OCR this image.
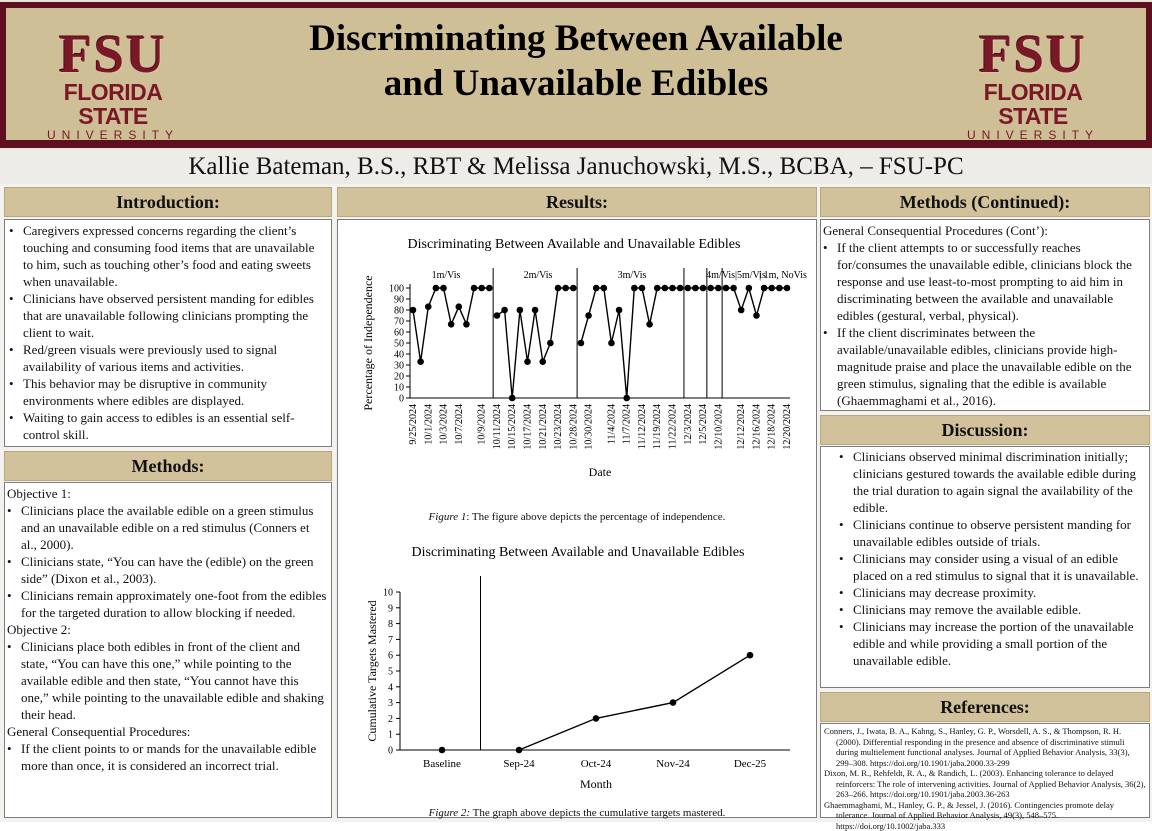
FSU
FLORIDA STATE
UNIVERSITY
FSU
FLORIDA STATE
UNIVERSITY
Discriminating Between Available
and Unavailable Edibles
Kallie Bateman, B.S., RBT & Melissa Januchowski, M.S., BCBA, – FSU-PC
Introduction:
• Caregivers expressed concerns regarding the client’s touching and consuming food items that are unavailable to him, such as touching other’s food and eating sweets when unavailable.
• Clinicians have observed persistent manding for edibles that are unavailable following clinicians prompting the client to wait.
• Red/green visuals were previously used to signal availability of various items and activities.
• This behavior may be disruptive in community environments where edibles are displayed.
• Waiting to gain access to edibles is an essential self-control skill.
Methods:

Objective 1:

• Clinicians place the available edible on a green stimulus and an unavailable edible on a red stimulus (Conners et al., 2000).
• Clinicians state, “You can have the (edible) on the green side” (Dixon et al., 2003).
• Clinicians remain approximately one-foot from the edibles for the targeted duration to allow blocking if needed.

Objective 2:

• Clinicians place both edibles in front of the client and state, “You can have this one,” while pointing to the available edible and then state, “You cannot have this one,” while pointing to the unavailable edible and shaking their head.

General Consequential Procedures:

• If the client points to or mands for the unavailable edible more than once, it is considered an incorrect trial.
Results:
Discriminating Between Available and Unavailable Edibles
0
10
20
30
40
50
60
70
80
90
100
Percentage of Independence
Date
1m/Vis	2m/Vis	3m/Vis	4m/Vis|5m/Vis
| 1m, NoVis
9/25/2024 10/1/2024 10/3/2024 10/7/2024 10/9/2024 10/11/2024 10/15/2024 10/17/2024 10/21/2024 10/23/2024 10/28/2024 10/30/2024 11/4/2024 11/7/2024 11/12/2024 11/19/2024 11/22/2024 12/3/2024 12/5/2024 12/10/2024 12/12/2024 12/16/2024 12/18/2024 12/20/2024
Figure 1: The figure above depicts the percentage of independence.
Discriminating Between Available and Unavailable Edibles
0
1
2
3
4
5
6
7
8
9
10
Cumulative Targets Mastered
Month
Baseline	Sep-24	Oct-24	Nov-24	Dec-25
Figure 2: The graph above depicts the cumulative targets mastered.
Methods (Continued):

General Consequential Procedures (Cont’):

• If the client attempts to or successfully reaches for/consumes the unavailable edible, clinicians block the response and use least-to-most prompting to aid him in discriminating between the available and unavailable edibles (gestural, verbal, physical).
• If the client discriminates between the available/unavailable edibles, clinicians provide high-magnitude praise and place the unavailable edible on the green stimulus, signaling that the edible is available (Ghaemmaghami et al., 2016).
Discussion:
• Clinicians observed minimal discrimination initially; clinicians gestured towards the available edible during the trial duration to again signal the availability of the edible.
• Clinicians continue to observe persistent manding for unavailable edibles outside of trials.
• Clinicians may consider using a visual of an edible placed on a red stimulus to signal that it is unavailable.
• Clinicians may decrease proximity.
• Clinicians may remove the available edible.
• Clinicians may increase the portion of the unavailable edible and while providing a small portion of the unavailable edible.
References:

Conners, J., Iwata, B. A., Kahng, S., Hanley, G. P., Worsdell, A. S., & Thompson, R. H. (2000). Differential responding in the presence and absence of discriminative stimuli during multielement functional analyses. Journal of Applied Behavior Analysis, 33(3), 299–308. https://doi.org/10.1901/jaba.2000.33-299

Dixon, M. R., Rehfeldt, R. A., & Randich, L. (2003). Enhancing tolerance to delayed reinforcers: The role of intervening activities. Journal of Applied Behavior Analysis, 36(2), 263–266. https://doi.org/10.1901/jaba.2003.36-263

Ghaemmaghami, M., Hanley, G. P., & Jessel, J. (2016). Contingencies promote delay tolerance. Journal of Applied Behavior Analysis, 49(3), 548–575. https://doi.org/10.1002/jaba.333
